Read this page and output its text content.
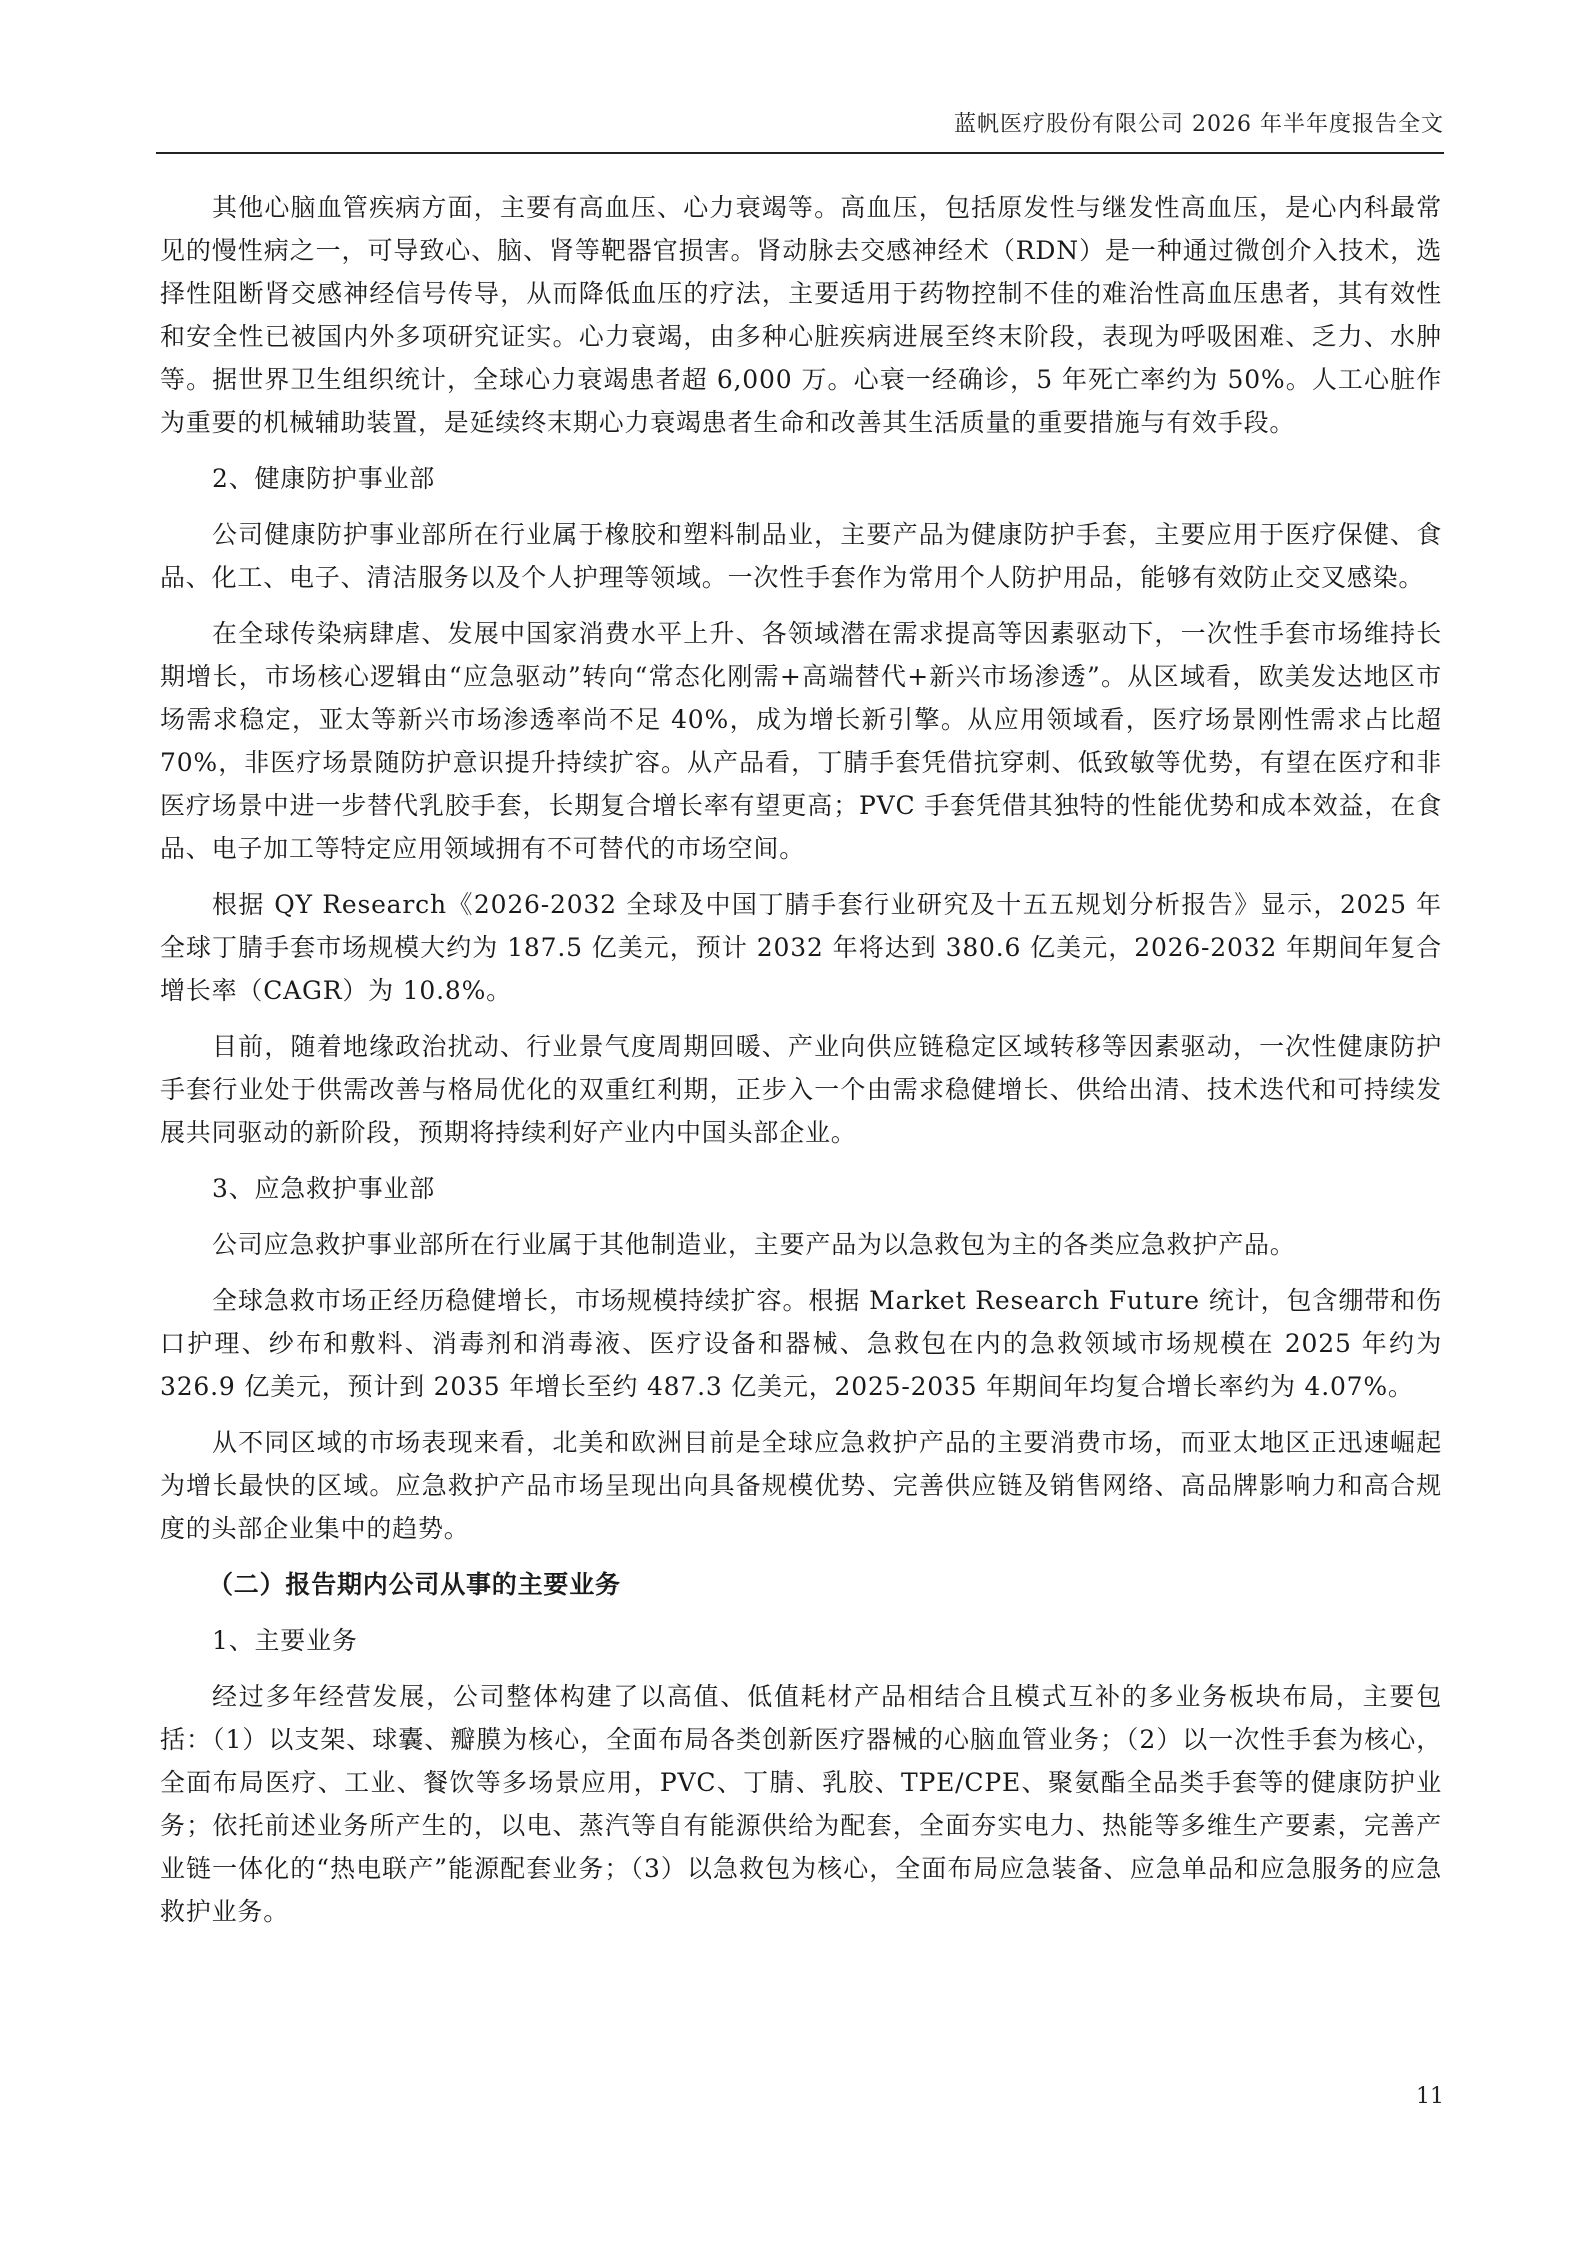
蓝帆医疗股份有限公司 2026 年半年度报告全文

其他心脑血管疾病方面，主要有高血压、心力衰竭等。高血压，包括原发性与继发性高血压，是心内科最常见的慢性病之一，可导致心、脑、肾等靶器官损害。肾动脉去交感神经术（RDN）是一种通过微创介入技术，选择性阻断肾交感神经信号传导，从而降低血压的疗法，主要适用于药物控制不佳的难治性高血压患者，其有效性和安全性已被国内外多项研究证实。心力衰竭，由多种心脏疾病进展至终末阶段，表现为呼吸困难、乏力、水肿等。据世界卫生组织统计，全球心力衰竭患者超 6,000 万。心衰一经确诊，5 年死亡率约为 50%。人工心脏作为重要的机械辅助装置，是延续终末期心力衰竭患者生命和改善其生活质量的重要措施与有效手段。

2、健康防护事业部

公司健康防护事业部所在行业属于橡胶和塑料制品业，主要产品为健康防护手套，主要应用于医疗保健、食品、化工、电子、清洁服务以及个人护理等领域。一次性手套作为常用个人防护用品，能够有效防止交叉感染。

在全球传染病肆虐、发展中国家消费水平上升、各领域潜在需求提高等因素驱动下，一次性手套市场维持长期增长，市场核心逻辑由“应急驱动”转向“常态化刚需+高端替代+新兴市场渗透”。从区域看，欧美发达地区市场需求稳定，亚太等新兴市场渗透率尚不足 40%，成为增长新引擎。从应用领域看，医疗场景刚性需求占比超 70%，非医疗场景随防护意识提升持续扩容。从产品看，丁腈手套凭借抗穿刺、低致敏等优势，有望在医疗和非医疗场景中进一步替代乳胶手套，长期复合增长率有望更高；PVC 手套凭借其独特的性能优势和成本效益，在食品、电子加工等特定应用领域拥有不可替代的市场空间。

根据 QY Research《2026-2032 全球及中国丁腈手套行业研究及十五五规划分析报告》显示，2025 年全球丁腈手套市场规模大约为 187.5 亿美元，预计 2032 年将达到 380.6 亿美元，2026-2032 年期间年复合增长率（CAGR）为 10.8%。

目前，随着地缘政治扰动、行业景气度周期回暖、产业向供应链稳定区域转移等因素驱动，一次性健康防护手套行业处于供需改善与格局优化的双重红利期，正步入一个由需求稳健增长、供给出清、技术迭代和可持续发展共同驱动的新阶段，预期将持续利好产业内中国头部企业。

3、应急救护事业部

公司应急救护事业部所在行业属于其他制造业，主要产品为以急救包为主的各类应急救护产品。

全球急救市场正经历稳健增长，市场规模持续扩容。根据 Market Research Future 统计，包含绷带和伤口护理、纱布和敷料、消毒剂和消毒液、医疗设备和器械、急救包在内的急救领域市场规模在 2025 年约为 326.9 亿美元，预计到 2035 年增长至约 487.3 亿美元，2025-2035 年期间年均复合增长率约为 4.07%。

从不同区域的市场表现来看，北美和欧洲目前是全球应急救护产品的主要消费市场，而亚太地区正迅速崛起为增长最快的区域。应急救护产品市场呈现出向具备规模优势、完善供应链及销售网络、高品牌影响力和高合规度的头部企业集中的趋势。

（二）报告期内公司从事的主要业务

1、主要业务

经过多年经营发展，公司整体构建了以高值、低值耗材产品相结合且模式互补的多业务板块布局，主要包括：（1）以支架、球囊、瓣膜为核心，全面布局各类创新医疗器械的心脑血管业务；（2）以一次性手套为核心，全面布局医疗、工业、餐饮等多场景应用，PVC、丁腈、乳胶、TPE/CPE、聚氨酯全品类手套等的健康防护业务；依托前述业务所产生的，以电、蒸汽等自有能源供给为配套，全面夯实电力、热能等多维生产要素，完善产业链一体化的“热电联产”能源配套业务；（3）以急救包为核心，全面布局应急装备、应急单品和应急服务的应急救护业务。

11
